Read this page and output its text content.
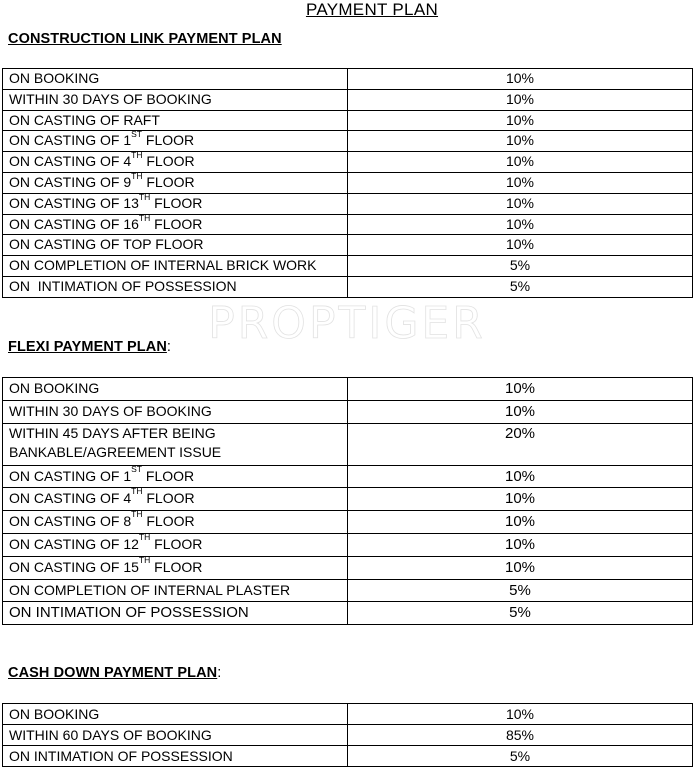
PAYMENT PLAN
PROPTIGER
CONSTRUCTION LINK PAYMENT PLAN
ON BOOKING	10%
WITHIN 30 DAYS OF BOOKING	10%
ON CASTING OF RAFT	10%
ON CASTING OF 1ST FLOOR	10%
ON CASTING OF 4TH FLOOR	10%
ON CASTING OF 9TH FLOOR	10%
ON CASTING OF 13TH FLOOR	10%
ON CASTING OF 16TH FLOOR	10%
ON CASTING OF TOP FLOOR	10%
ON COMPLETION OF INTERNAL BRICK WORK	5%
ON  INTIMATION OF POSSESSION	5%
FLEXI PAYMENT PLAN:
ON BOOKING	10%
WITHIN 30 DAYS OF BOOKING	10%
WITHIN 45 DAYS AFTER BEING
BANKABLE/AGREEMENT ISSUE	20%
ON CASTING OF 1ST FLOOR	10%
ON CASTING OF 4TH FLOOR	10%
ON CASTING OF 8TH FLOOR	10%
ON CASTING OF 12TH FLOOR	10%
ON CASTING OF 15TH FLOOR	10%
ON COMPLETION OF INTERNAL PLASTER	5%
ON INTIMATION OF POSSESSION	5%
CASH DOWN PAYMENT PLAN:
ON BOOKING	10%
WITHIN 60 DAYS OF BOOKING	85%
ON INTIMATION OF POSSESSION	5%
